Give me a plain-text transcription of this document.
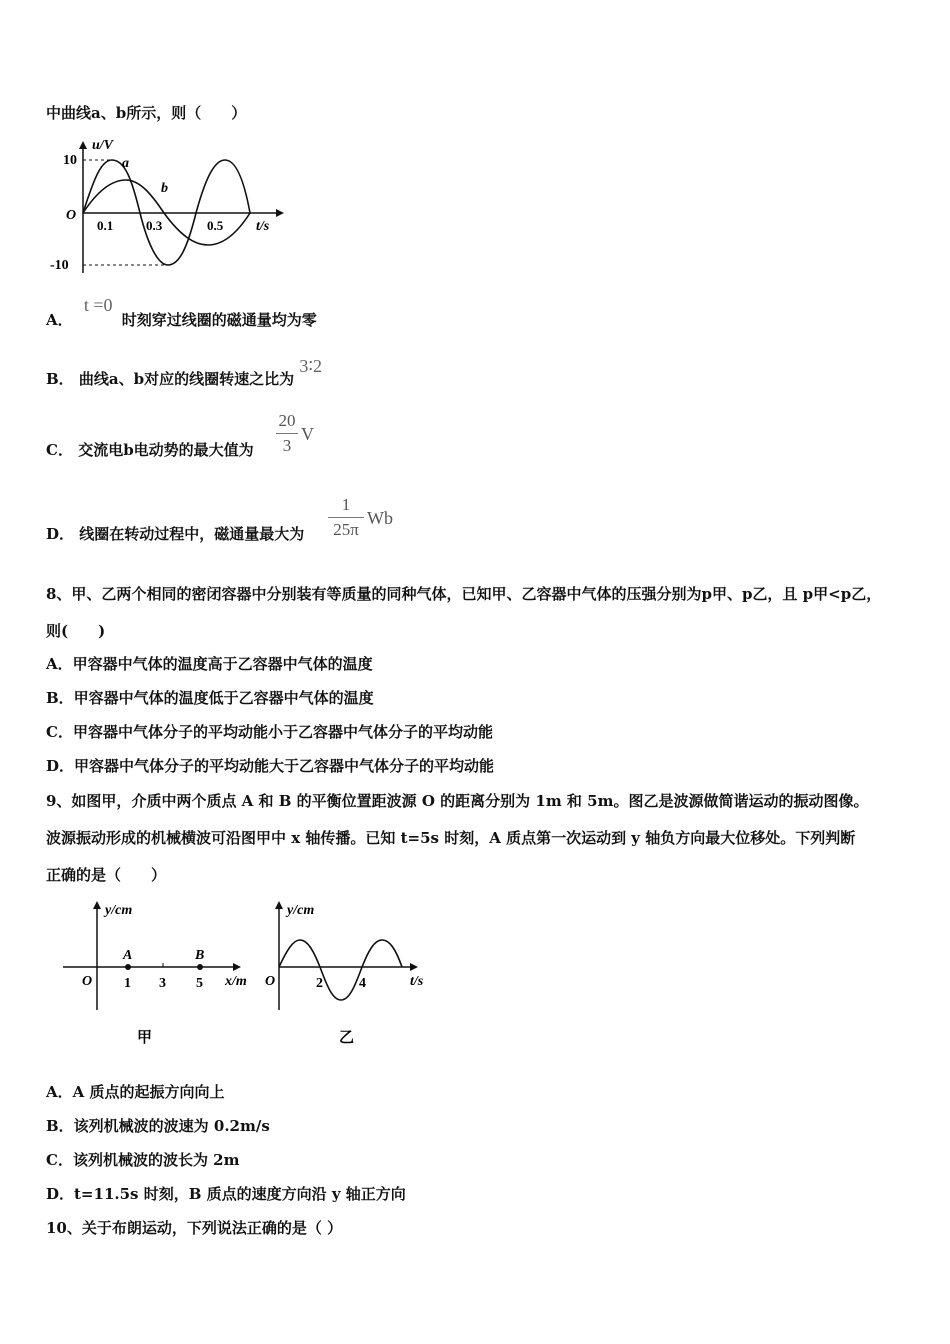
中曲线a、b所示，则（　　）
10
-10
O
u/V
t/s
0.1	0.3	0.5
a
b
A． t =0 时刻穿过线圈的磁通量均为零
B． 曲线a、b对应的线圈转速之比为 3∶2
C． 交流电b电动势的最大值为
20
3
V
D． 线圈在转动过程中，磁通量最大为
1
25π
Wb
8、甲、乙两个相同的密闭容器中分别装有等质量的同种气体，已知甲、乙容器中气体的压强分别为p甲、p乙，且 p甲<p乙，
则(　　)
A．甲容器中气体的温度高于乙容器中气体的温度
B．甲容器中气体的温度低于乙容器中气体的温度
C．甲容器中气体分子的平均动能小于乙容器中气体分子的平均动能
D．甲容器中气体分子的平均动能大于乙容器中气体分子的平均动能
9、如图甲，介质中两个质点 A 和 B 的平衡位置距波源 O 的距离分别为 1m 和 5m。图乙是波源做简谐运动的振动图像。
波源振动形成的机械横波可沿图甲中 x 轴传播。已知 t=5s 时刻，A 质点第一次运动到 y 轴负方向最大位移处。下列判断
正确的是（　　）
y/cm
x/m
O
A	B
1 3 5
甲
y/cm
t/s
O	2	4
乙
A．A 质点的起振方向向上
B．该列机械波的波速为 0.2m/s
C．该列机械波的波长为 2m
D．t=11.5s 时刻，B 质点的速度方向沿 y 轴正方向
10、关于布朗运动，下列说法正确的是（ ）
